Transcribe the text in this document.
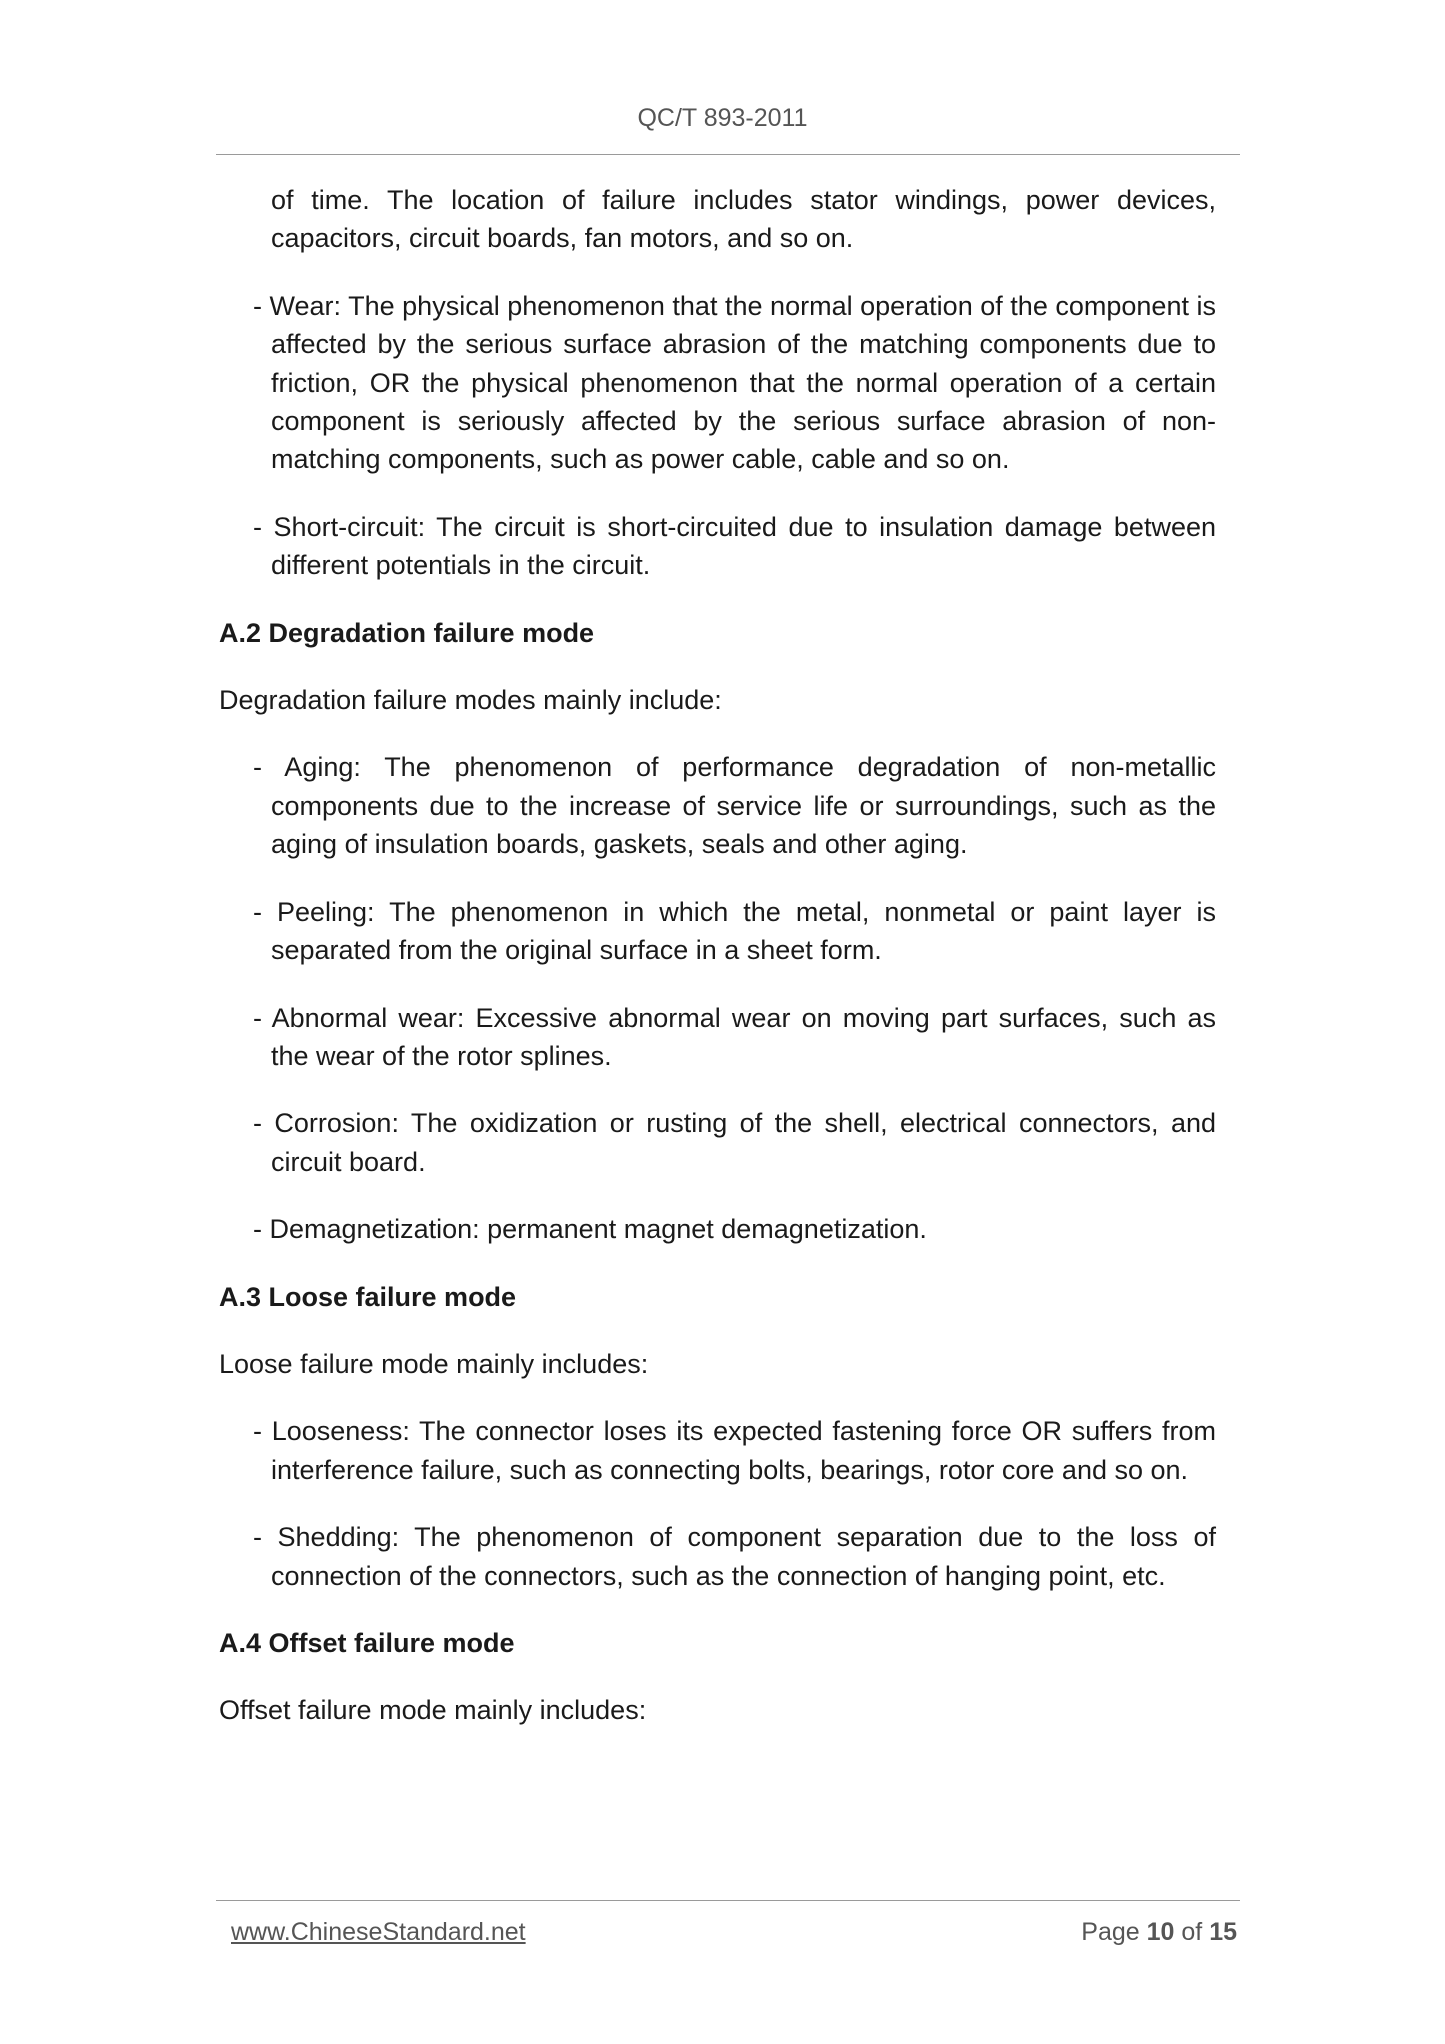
QC/T 893-2011

of time. The location of failure includes stator windings, power devices, capacitors, circuit boards, fan motors, and so on.

- Wear: The physical phenomenon that the normal operation of the component is affected by the serious surface abrasion of the matching components due to friction, OR the physical phenomenon that the normal operation of a certain component is seriously affected by the serious surface abrasion of non-matching components, such as power cable, cable and so on.

- Short-circuit: The circuit is short-circuited due to insulation damage between different potentials in the circuit.

A.2 Degradation failure mode

Degradation failure modes mainly include:

- Aging: The phenomenon of performance degradation of non-metallic components due to the increase of service life or surroundings, such as the aging of insulation boards, gaskets, seals and other aging.

- Peeling: The phenomenon in which the metal, nonmetal or paint layer is separated from the original surface in a sheet form.

- Abnormal wear: Excessive abnormal wear on moving part surfaces, such as the wear of the rotor splines.

- Corrosion: The oxidization or rusting of the shell, electrical connectors, and circuit board.

- Demagnetization: permanent magnet demagnetization.

A.3 Loose failure mode

Loose failure mode mainly includes:

- Looseness: The connector loses its expected fastening force OR suffers from interference failure, such as connecting bolts, bearings, rotor core and so on.

- Shedding: The phenomenon of component separation due to the loss of connection of the connectors, such as the connection of hanging point, etc.

A.4 Offset failure mode

Offset failure mode mainly includes:

www.ChineseStandard.net	Page 10 of 15
